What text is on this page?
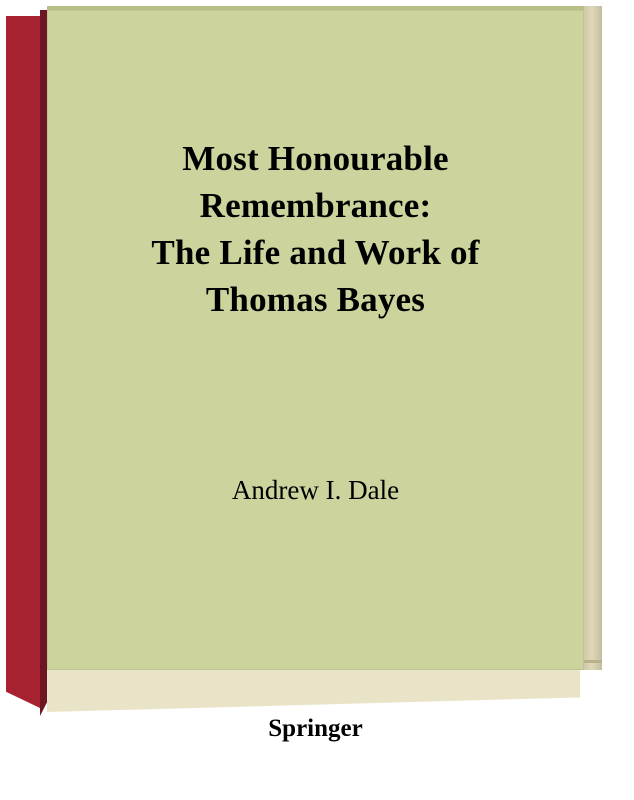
Most Honourable
Remembrance:
The Life and Work of
Thomas Bayes
Andrew I. Dale
Springer
